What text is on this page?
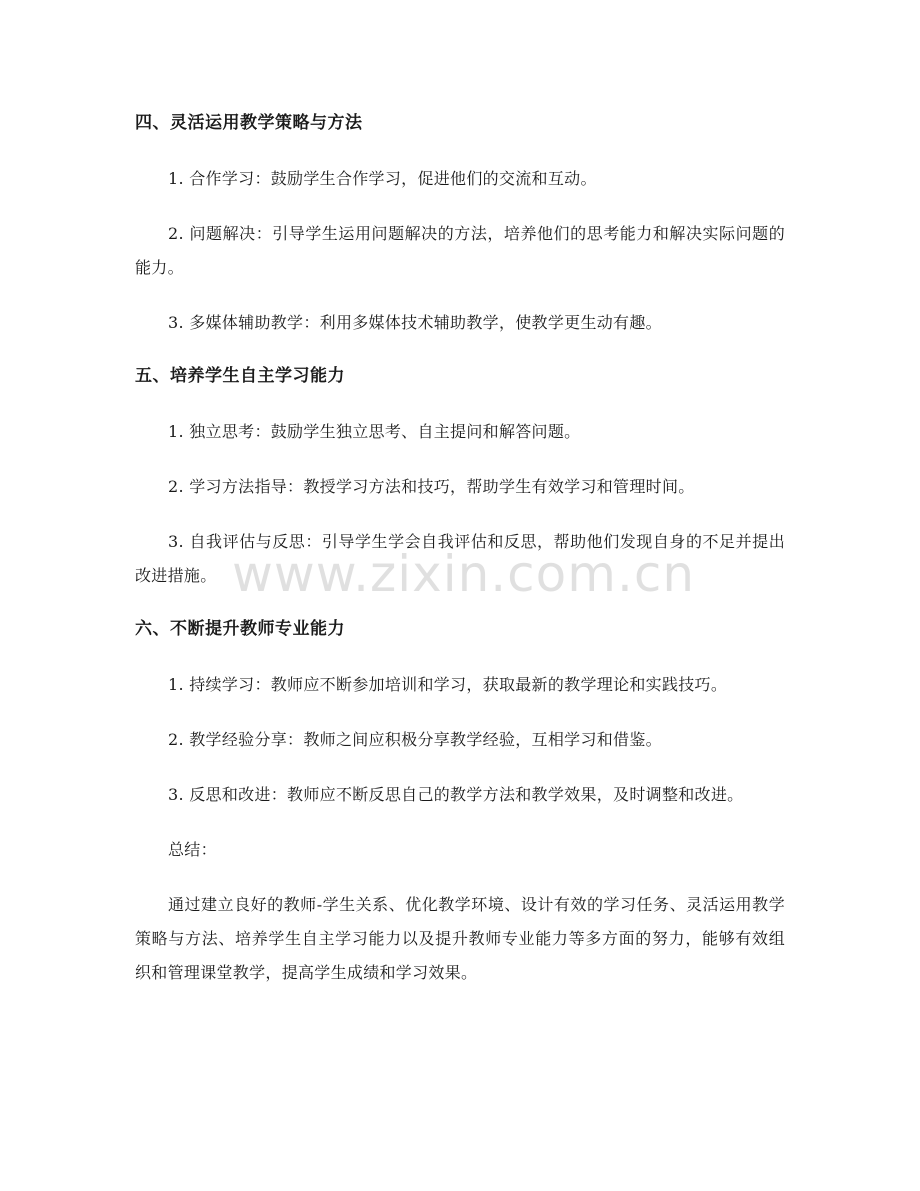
四、灵活运用教学策略与方法

1. 合作学习：鼓励学生合作学习，促进他们的交流和互动。

2. 问题解决：引导学生运用问题解决的方法，培养他们的思考能力和解决实际问题的能力。

3. 多媒体辅助教学：利用多媒体技术辅助教学，使教学更生动有趣。

五、培养学生自主学习能力

1. 独立思考：鼓励学生独立思考、自主提问和解答问题。

2. 学习方法指导：教授学习方法和技巧，帮助学生有效学习和管理时间。

3. 自我评估与反思：引导学生学会自我评估和反思，帮助他们发现自身的不足并提出改进措施。

六、不断提升教师专业能力

1. 持续学习：教师应不断参加培训和学习，获取最新的教学理论和实践技巧。

2. 教学经验分享：教师之间应积极分享教学经验，互相学习和借鉴。

3. 反思和改进：教师应不断反思自己的教学方法和教学效果，及时调整和改进。

总结：

通过建立良好的教师-学生关系、优化教学环境、设计有效的学习任务、灵活运用教学策略与方法、培养学生自主学习能力以及提升教师专业能力等多方面的努力，能够有效组织和管理课堂教学，提高学生成绩和学习效果。

www.zixin.com.cn
